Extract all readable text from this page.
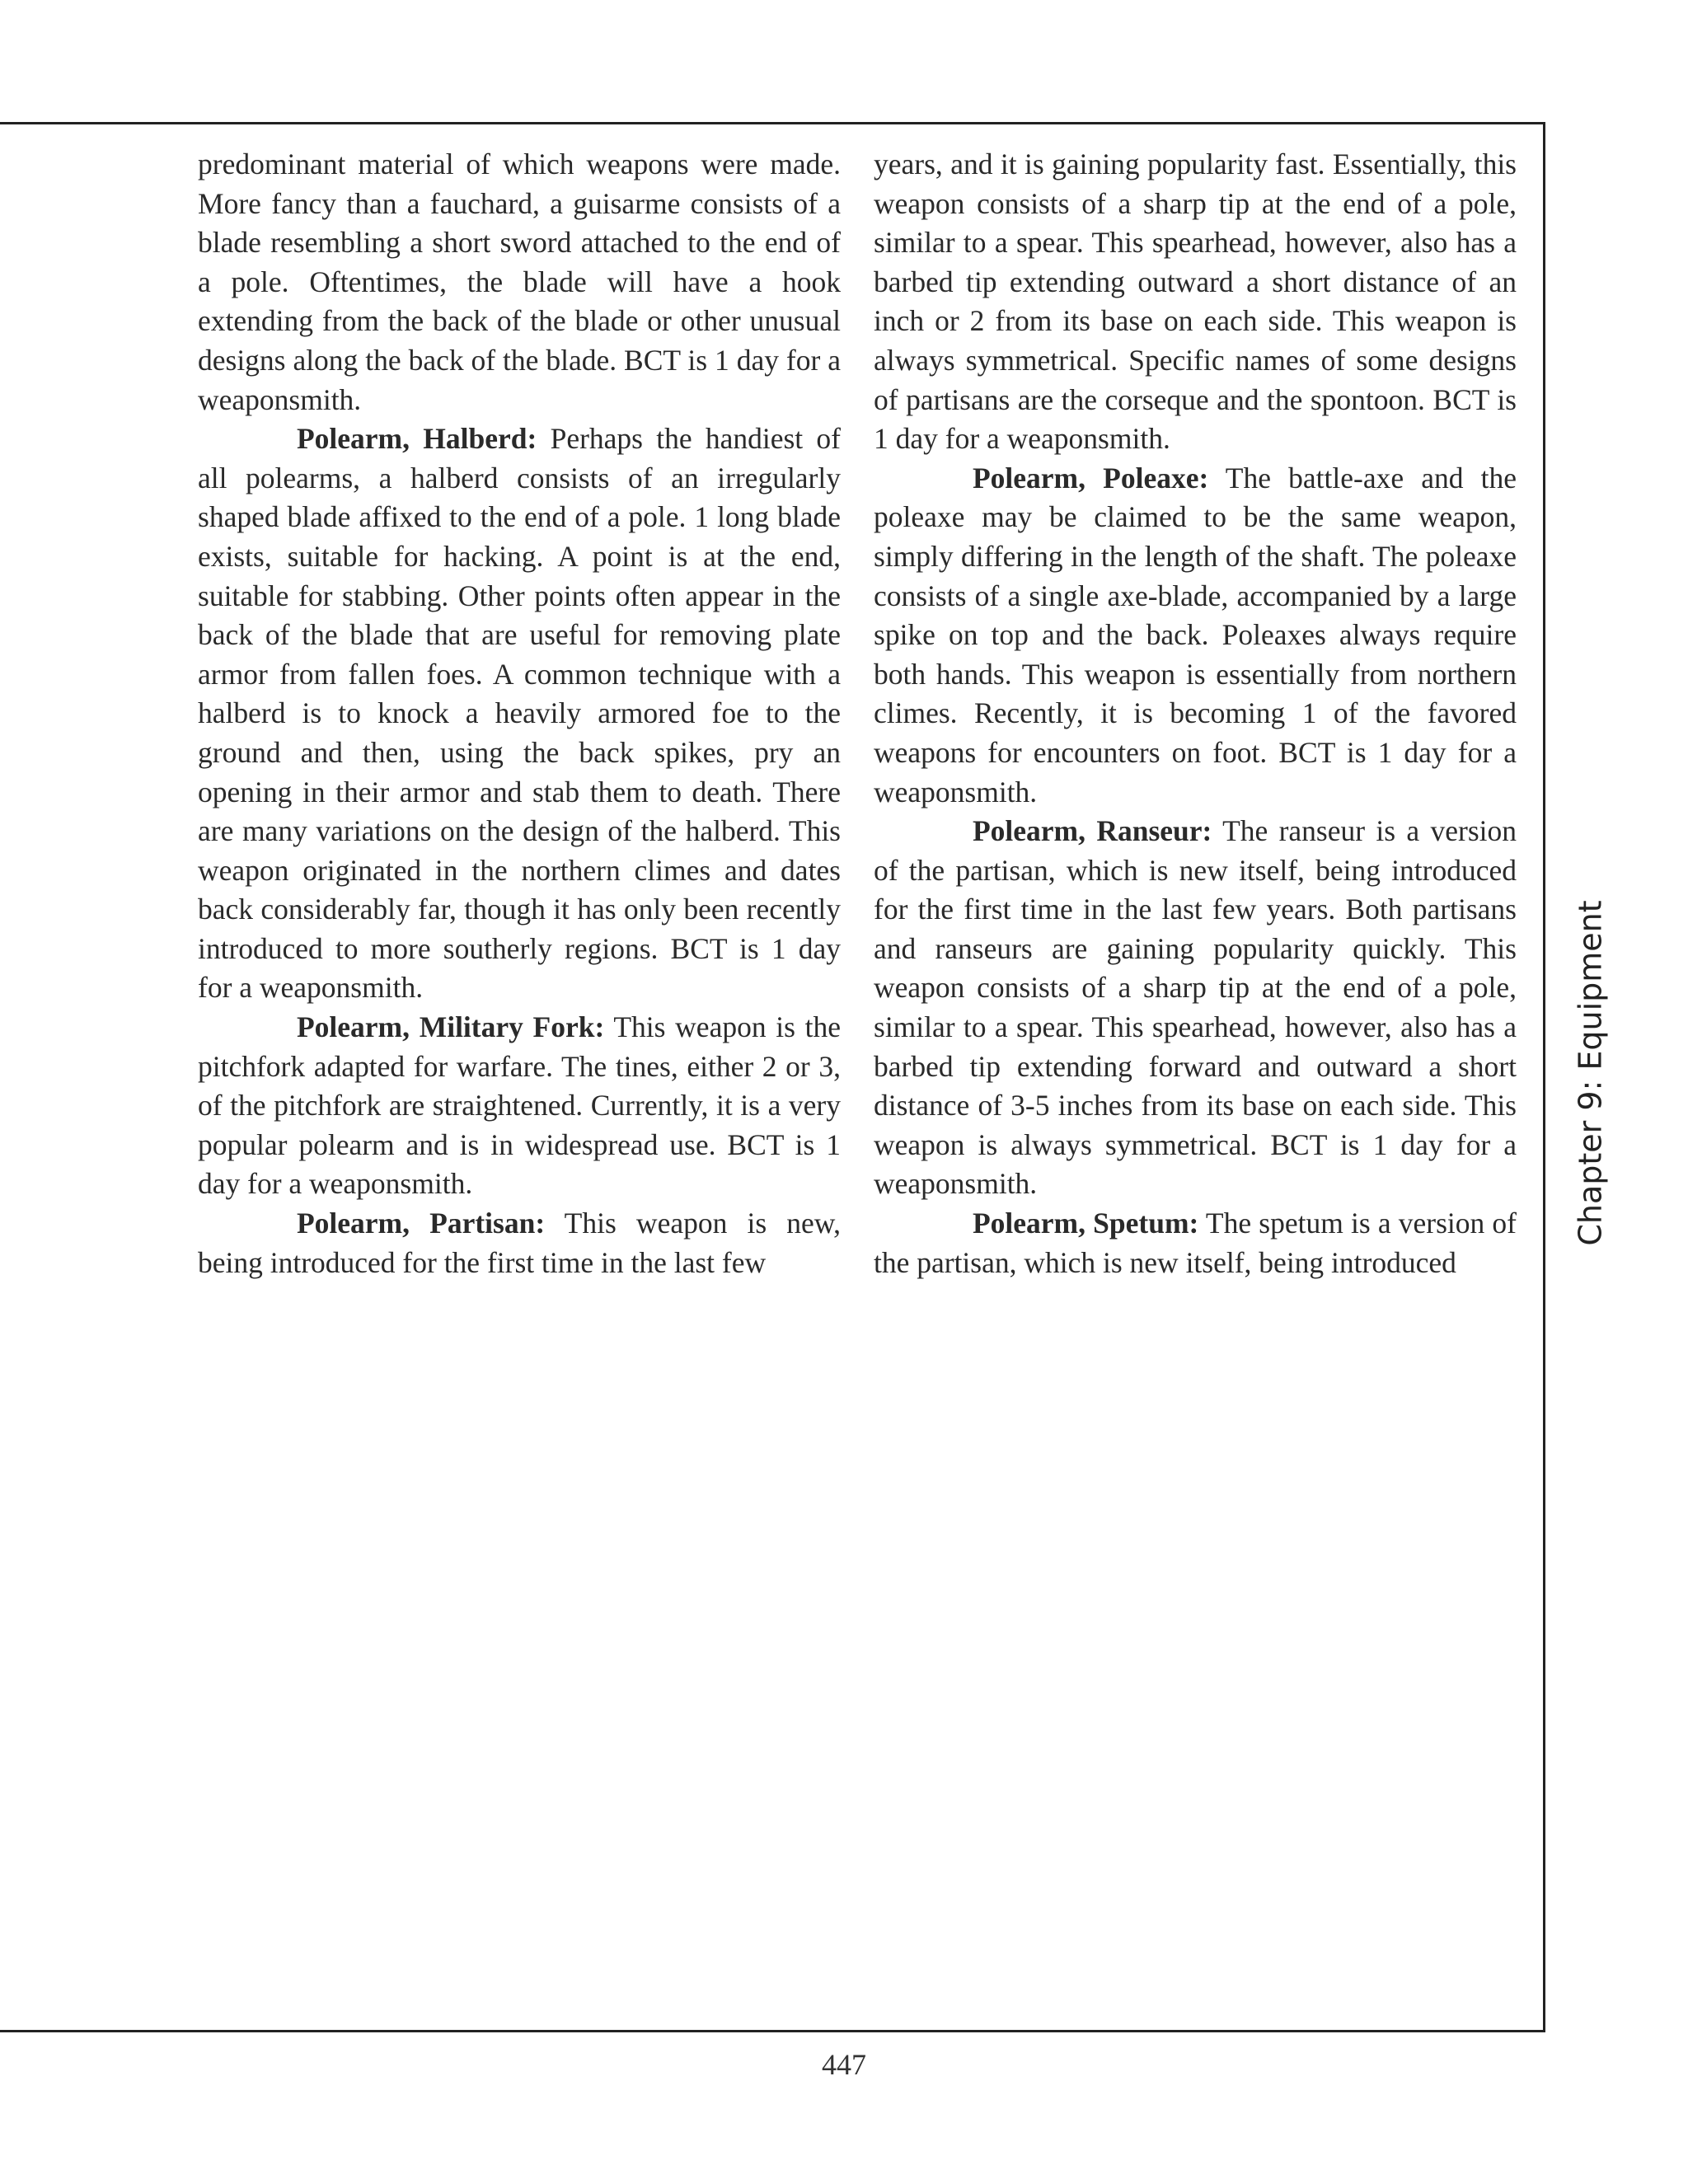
predominant material of which weapons were made. More fancy than a fauchard, a guisarme consists of a blade resembling a short sword attached to the end of a pole. Oftentimes, the blade will have a hook extending from the back of the blade or other unusual designs along the back of the blade. BCT is 1 day for a weaponsmith.

Polearm, Halberd: Perhaps the handiest of all polearms, a halberd consists of an irregularly shaped blade affixed to the end of a pole. 1 long blade exists, suitable for hacking. A point is at the end, suitable for stabbing. Other points often appear in the back of the blade that are useful for removing plate armor from fallen foes. A common technique with a halberd is to knock a heavily armored foe to the ground and then, using the back spikes, pry an opening in their armor and stab them to death. There are many variations on the design of the halberd. This weapon originated in the northern climes and dates back considerably far, though it has only been recently introduced to more southerly regions. BCT is 1 day for a weaponsmith.

Polearm, Military Fork: This weapon is the pitchfork adapted for warfare. The tines, either 2 or 3, of the pitchfork are straightened. Currently, it is a very popular polearm and is in widespread use. BCT is 1 day for a weaponsmith.

Polearm, Partisan: This weapon is new, being introduced for the first time in the last few

years, and it is gaining popularity fast. Essentially, this weapon consists of a sharp tip at the end of a pole, similar to a spear. This spearhead, however, also has a barbed tip extending outward a short distance of an inch or 2 from its base on each side. This weapon is always symmetrical. Specific names of some designs of partisans are the corseque and the spontoon. BCT is 1 day for a weaponsmith.

Polearm, Poleaxe: The battle-axe and the poleaxe may be claimed to be the same weapon, simply differing in the length of the shaft. The poleaxe consists of a single axe-blade, accompanied by a large spike on top and the back. Poleaxes always require both hands. This weapon is essentially from northern climes. Recently, it is becoming 1 of the favored weapons for encounters on foot. BCT is 1 day for a weaponsmith.

Polearm, Ranseur: The ranseur is a version of the partisan, which is new itself, being introduced for the first time in the last few years. Both partisans and ranseurs are gaining popularity quickly. This weapon consists of a sharp tip at the end of a pole, similar to a spear. This spearhead, however, also has a barbed tip extending forward and outward a short distance of 3-5 inches from its base on each side. This weapon is always symmetrical. BCT is 1 day for a weaponsmith.

Polearm, Spetum: The spetum is a version of the partisan, which is new itself, being introduced

Chapter 9: Equipment
447
